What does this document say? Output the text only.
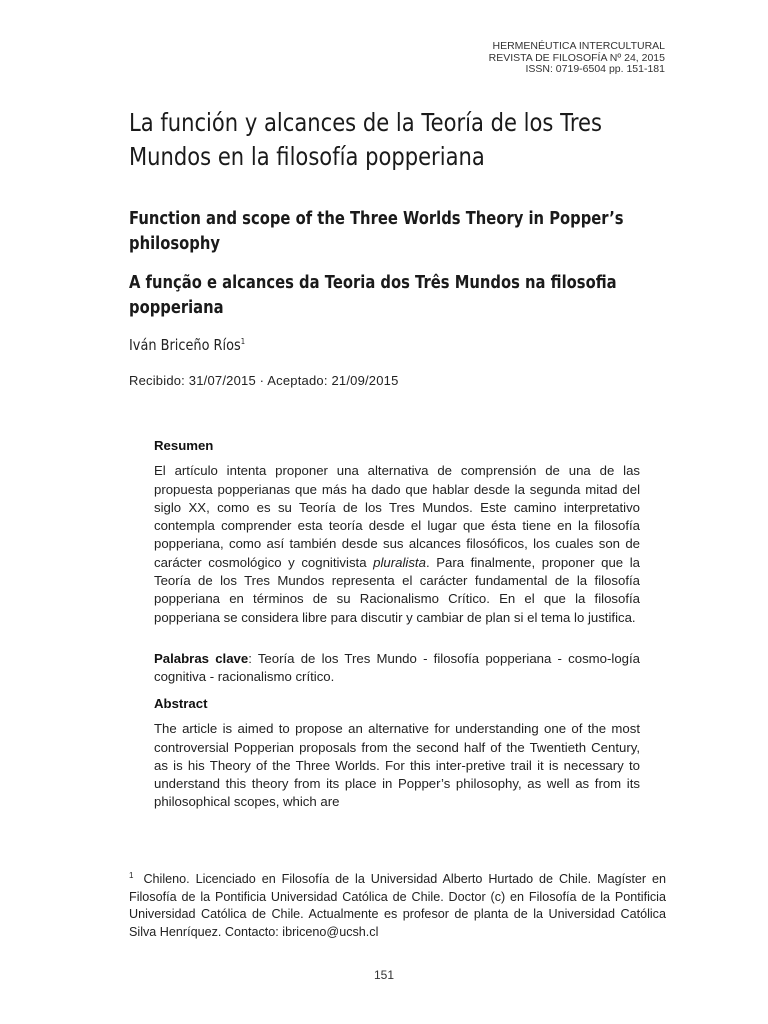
HERMENÉUTICA INTERCULTURAL
REVISTA DE FILOSOFÍA Nº 24, 2015
ISSN: 0719-6504 pp. 151-181
La función y alcances de la Teoría de los Tres Mundos en la filosofía popperiana
Function and scope of the Three Worlds Theory in Popper’s philosophy
A função e alcances da Teoria dos Três Mundos na filosofia popperiana
Iván Briceño Ríos$^1$
Recibido: 31/07/2015 · Aceptado: 21/09/2015
Resumen

El artículo intenta proponer una alternativa de comprensión de una de las propuesta popperianas que más ha dado que hablar desde la segunda mitad del siglo XX, como es su Teoría de los Tres Mundos. Este camino interpretativo contempla comprender esta teoría desde el lugar que ésta tiene en la filosofía popperiana, como así también desde sus alcances filosóficos, los cuales son de carácter cosmológico y cognitivista pluralista. Para finalmente, proponer que la Teoría de los Tres Mundos representa el carácter fundamental de la filosofía popperiana en términos de su Racionalismo Crítico. En el que la filosofía popperiana se considera libre para discutir y cambiar de plan si el tema lo justifica.

Palabras clave: Teoría de los Tres Mundo - filosofía popperiana - cosmo-logía cognitiva - racionalismo crítico.

Abstract

The article is aimed to propose an alternative for understanding one of the most controversial Popperian proposals from the second half of the Twentieth Century, as is his Theory of the Three Worlds. For this inter-pretive trail it is necessary to understand this theory from its place in Popper’s philosophy, as well as from its philosophical scopes, which are

$^1$ Chileno. Licenciado en Filosofía de la Universidad Alberto Hurtado de Chile. Magíster en Filosofía de la Pontificia Universidad Católica de Chile. Doctor (c) en Filosofía de la Pontificia Universidad Católica de Chile. Actualmente es profesor de planta de la Universidad Católica Silva Henríquez. Contacto: ibriceno@ucsh.cl
151
